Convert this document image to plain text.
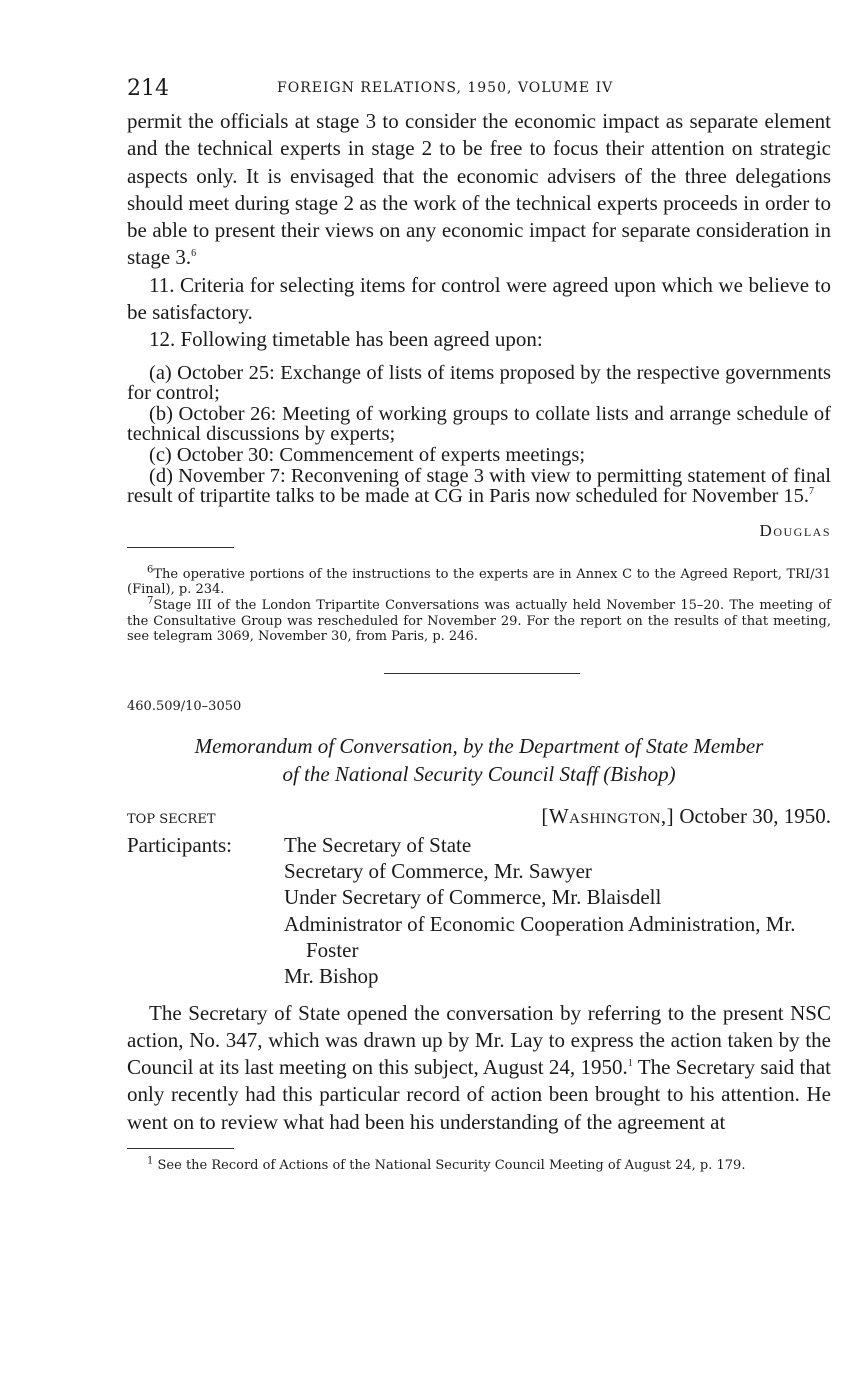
214	FOREIGN RELATIONS, 1950, VOLUME IV

permit the officials at stage 3 to consider the economic impact as separate element and the technical experts in stage 2 to be free to focus their attention on strategic aspects only. It is envisaged that the economic advisers of the three delegations should meet during stage 2 as the work of the technical experts proceeds in order to be able to present their views on any economic impact for separate consideration in stage 3.$^6$

11. Criteria for selecting items for control were agreed upon which we believe to be satisfactory.

12. Following timetable has been agreed upon:

(a) October 25: Exchange of lists of items proposed by the respective governments for control;

(b) October 26: Meeting of working groups to collate lists and arrange schedule of technical discussions by experts;

(c) October 30: Commencement of experts meetings;

(d) November 7: Reconvening of stage 3 with view to permitting statement of final result of tripartite talks to be made at CG in Paris now scheduled for November 15.$^7$

Douglas

$^6$The operative portions of the instructions to the experts are in Annex C to the Agreed Report, TRI/31 (Final), p. 234.

$^7$Stage III of the London Tripartite Conversations was actually held November 15–20. The meeting of the Consultative Group was rescheduled for November 29. For the report on the results of that meeting, see telegram 3069, November 30, from Paris, p. 246.

460.509/10–3050
Memorandum of Conversation, by the Department of State Member
of the National Security Council Staff (Bishop)
TOP SECRET	[Washington,] October 30, 1950.
Participants: The Secretary of State
Secretary of Commerce, Mr. Sawyer
Under Secretary of Commerce, Mr. Blaisdell
Administrator of Economic Cooperation Administration, Mr. Foster
Mr. Bishop

The Secretary of State opened the conversation by referring to the present NSC action, No. 347, which was drawn up by Mr. Lay to express the action taken by the Council at its last meeting on this subject, August 24, 1950.$^1$ The Secretary said that only recently had this particular record of action been brought to his attention. He went on to review what had been his understanding of the agreement at

$^1$ See the Record of Actions of the National Security Council Meeting of August 24, p. 179.
